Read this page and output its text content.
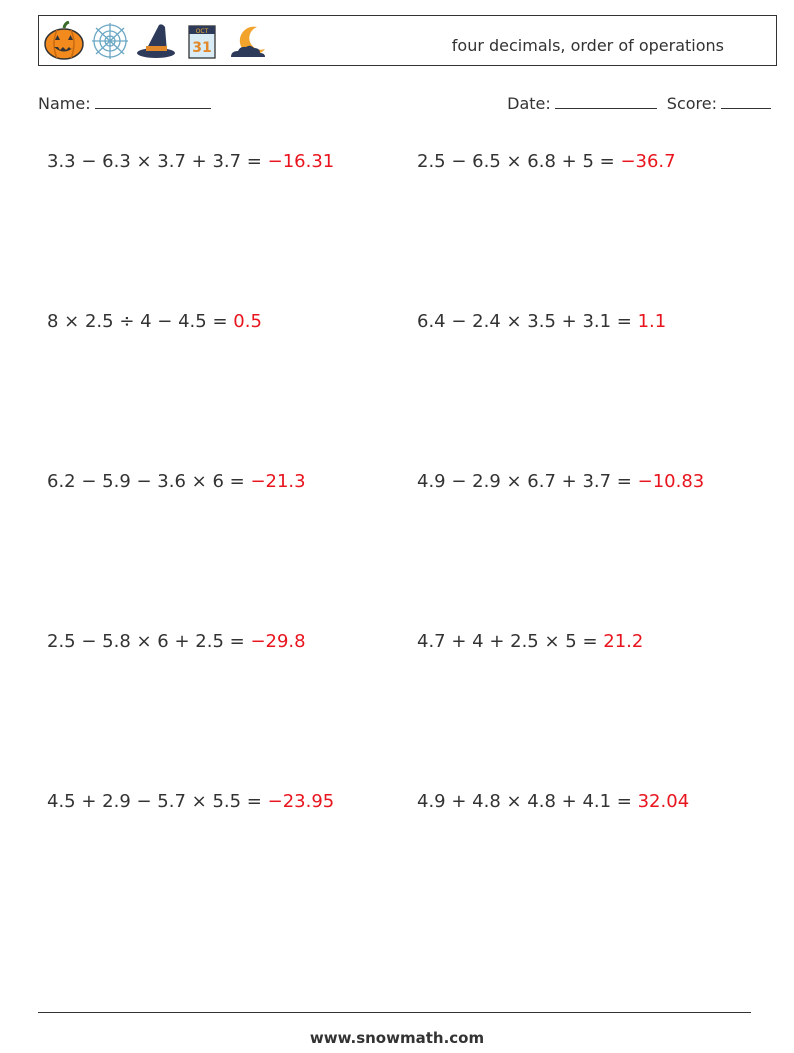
OCT
31	four decimals, order of operations
Name:	Date:	Score:
3.3 − 6.3 × 3.7 + 3.7 = −16.31	2.5 − 6.5 × 6.8 + 5 = −36.7
8 × 2.5 ÷ 4 − 4.5 = 0.5	6.4 − 2.4 × 3.5 + 3.1 = 1.1
6.2 − 5.9 − 3.6 × 6 = −21.3	4.9 − 2.9 × 6.7 + 3.7 = −10.83
2.5 − 5.8 × 6 + 2.5 = −29.8	4.7 + 4 + 2.5 × 5 = 21.2
4.5 + 2.9 − 5.7 × 5.5 = −23.95	4.9 + 4.8 × 4.8 + 4.1 = 32.04
www.snowmath.com
